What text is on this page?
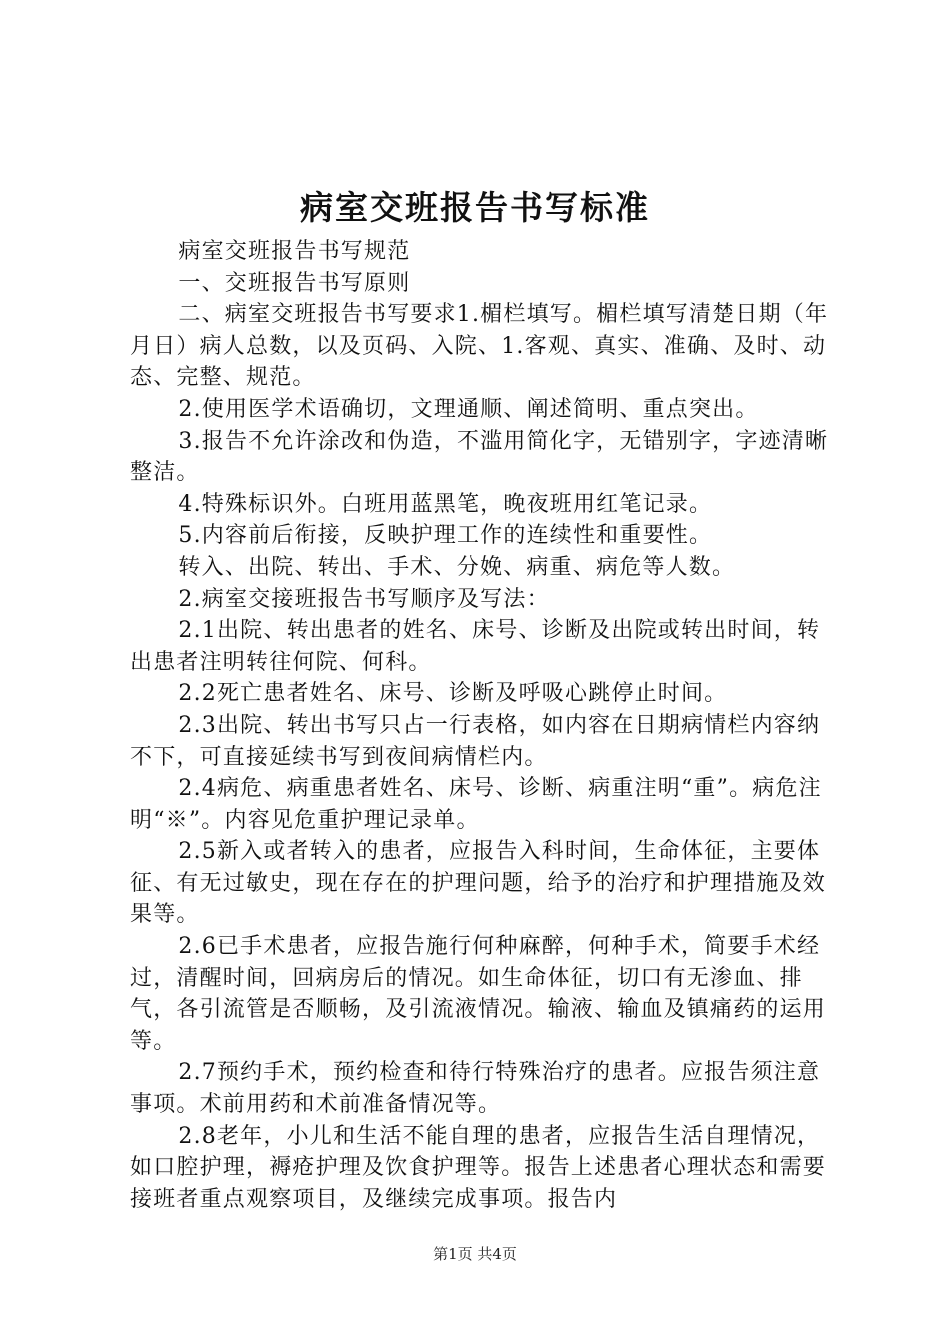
病室交班报告书写标准

病室交班报告书写规范

一、交班报告书写原则

二、病室交班报告书写要求1.楣栏填写。楣栏填写清楚日期（年月日）病人总数，以及页码、入院、1.客观、真实、准确、及时、动态、完整、规范。

2.使用医学术语确切，文理通顺、阐述简明、重点突出。

3.报告不允许涂改和伪造，不滥用简化字，无错别字，字迹清晰整洁。

4.特殊标识外。白班用蓝黑笔，晚夜班用红笔记录。

5.内容前后衔接，反映护理工作的连续性和重要性。

转入、出院、转出、手术、分娩、病重、病危等人数。

2.病室交接班报告书写顺序及写法：

2.1出院、转出患者的姓名、床号、诊断及出院或转出时间，转出患者注明转往何院、何科。

2.2死亡患者姓名、床号、诊断及呼吸心跳停止时间。

2.3出院、转出书写只占一行表格，如内容在日期病情栏内容纳不下，可直接延续书写到夜间病情栏内。

2.4病危、病重患者姓名、床号、诊断、病重注明“重”。病危注明“※”。内容见危重护理记录单。

2.5新入或者转入的患者，应报告入科时间，生命体征，主要体征、有无过敏史，现在存在的护理问题，给予的治疗和护理措施及效果等。

2.6已手术患者，应报告施行何种麻醉，何种手术，简要手术经过，清醒时间，回病房后的情况。如生命体征，切口有无渗血、排气，各引流管是否顺畅，及引流液情况。输液、输血及镇痛药的运用等。

2.7预约手术，预约检查和待行特殊治疗的患者。应报告须注意事项。术前用药和术前准备情况等。

2.8老年，小儿和生活不能自理的患者，应报告生活自理情况，如口腔护理，褥疮护理及饮食护理等。报告上述患者心理状态和需要接班者重点观察项目，及继续完成事项。报告内

第1页 共4页
